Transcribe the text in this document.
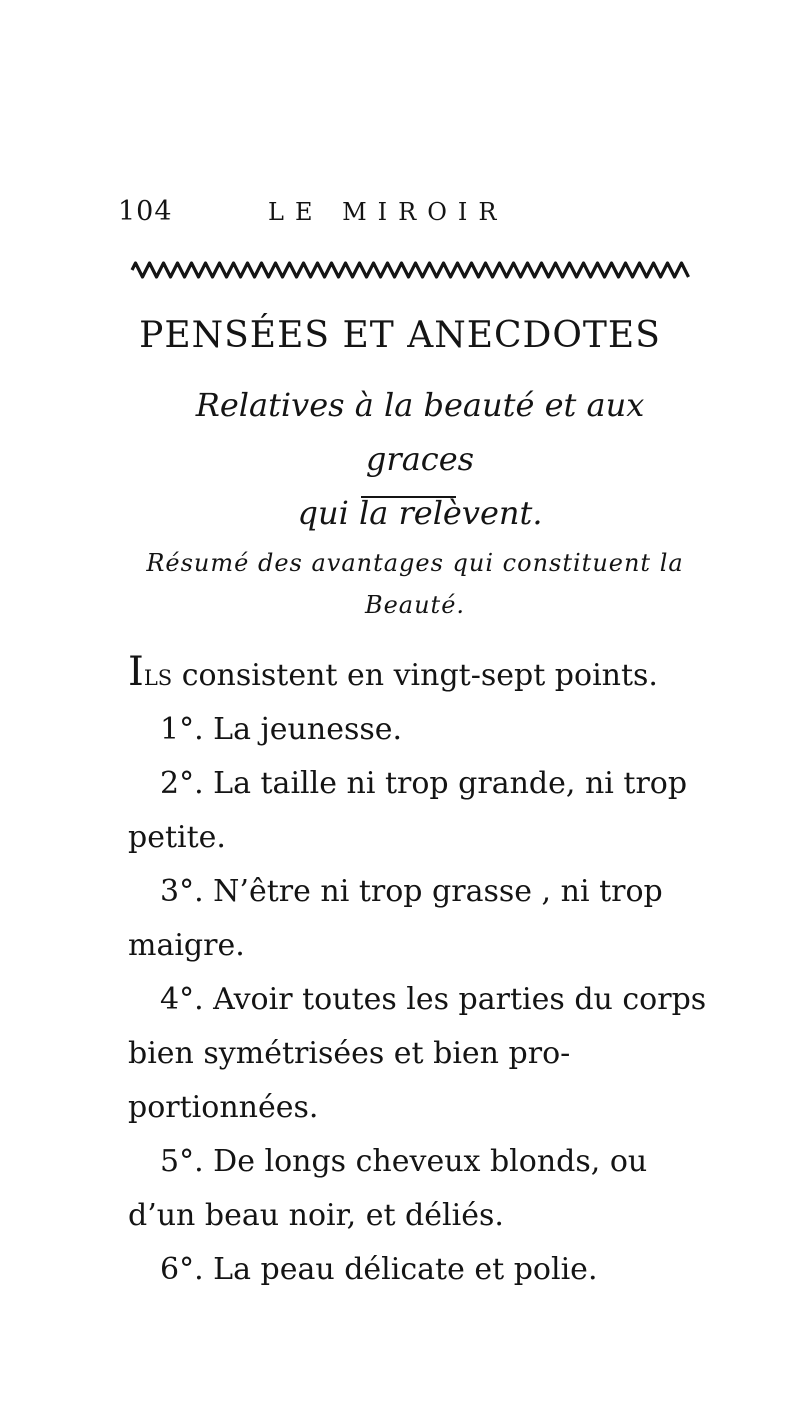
104	LE MIROIR
PENSÉES ET ANECDOTES
Relatives à la beauté et aux graces
qui la relèvent.
Résumé des avantages qui constituent la
Beauté.

Ils consistent en vingt-sept points.

1°. La jeunesse.

2°. La taille ni trop grande, ni trop petite.

3°. N’être ni trop grasse , ni trop maigre.

4°. Avoir toutes les parties du corps bien symétrisées et bien pro-portionnées.

5°. De longs cheveux blonds, ou d’un beau noir, et déliés.

6°. La peau délicate et polie.
